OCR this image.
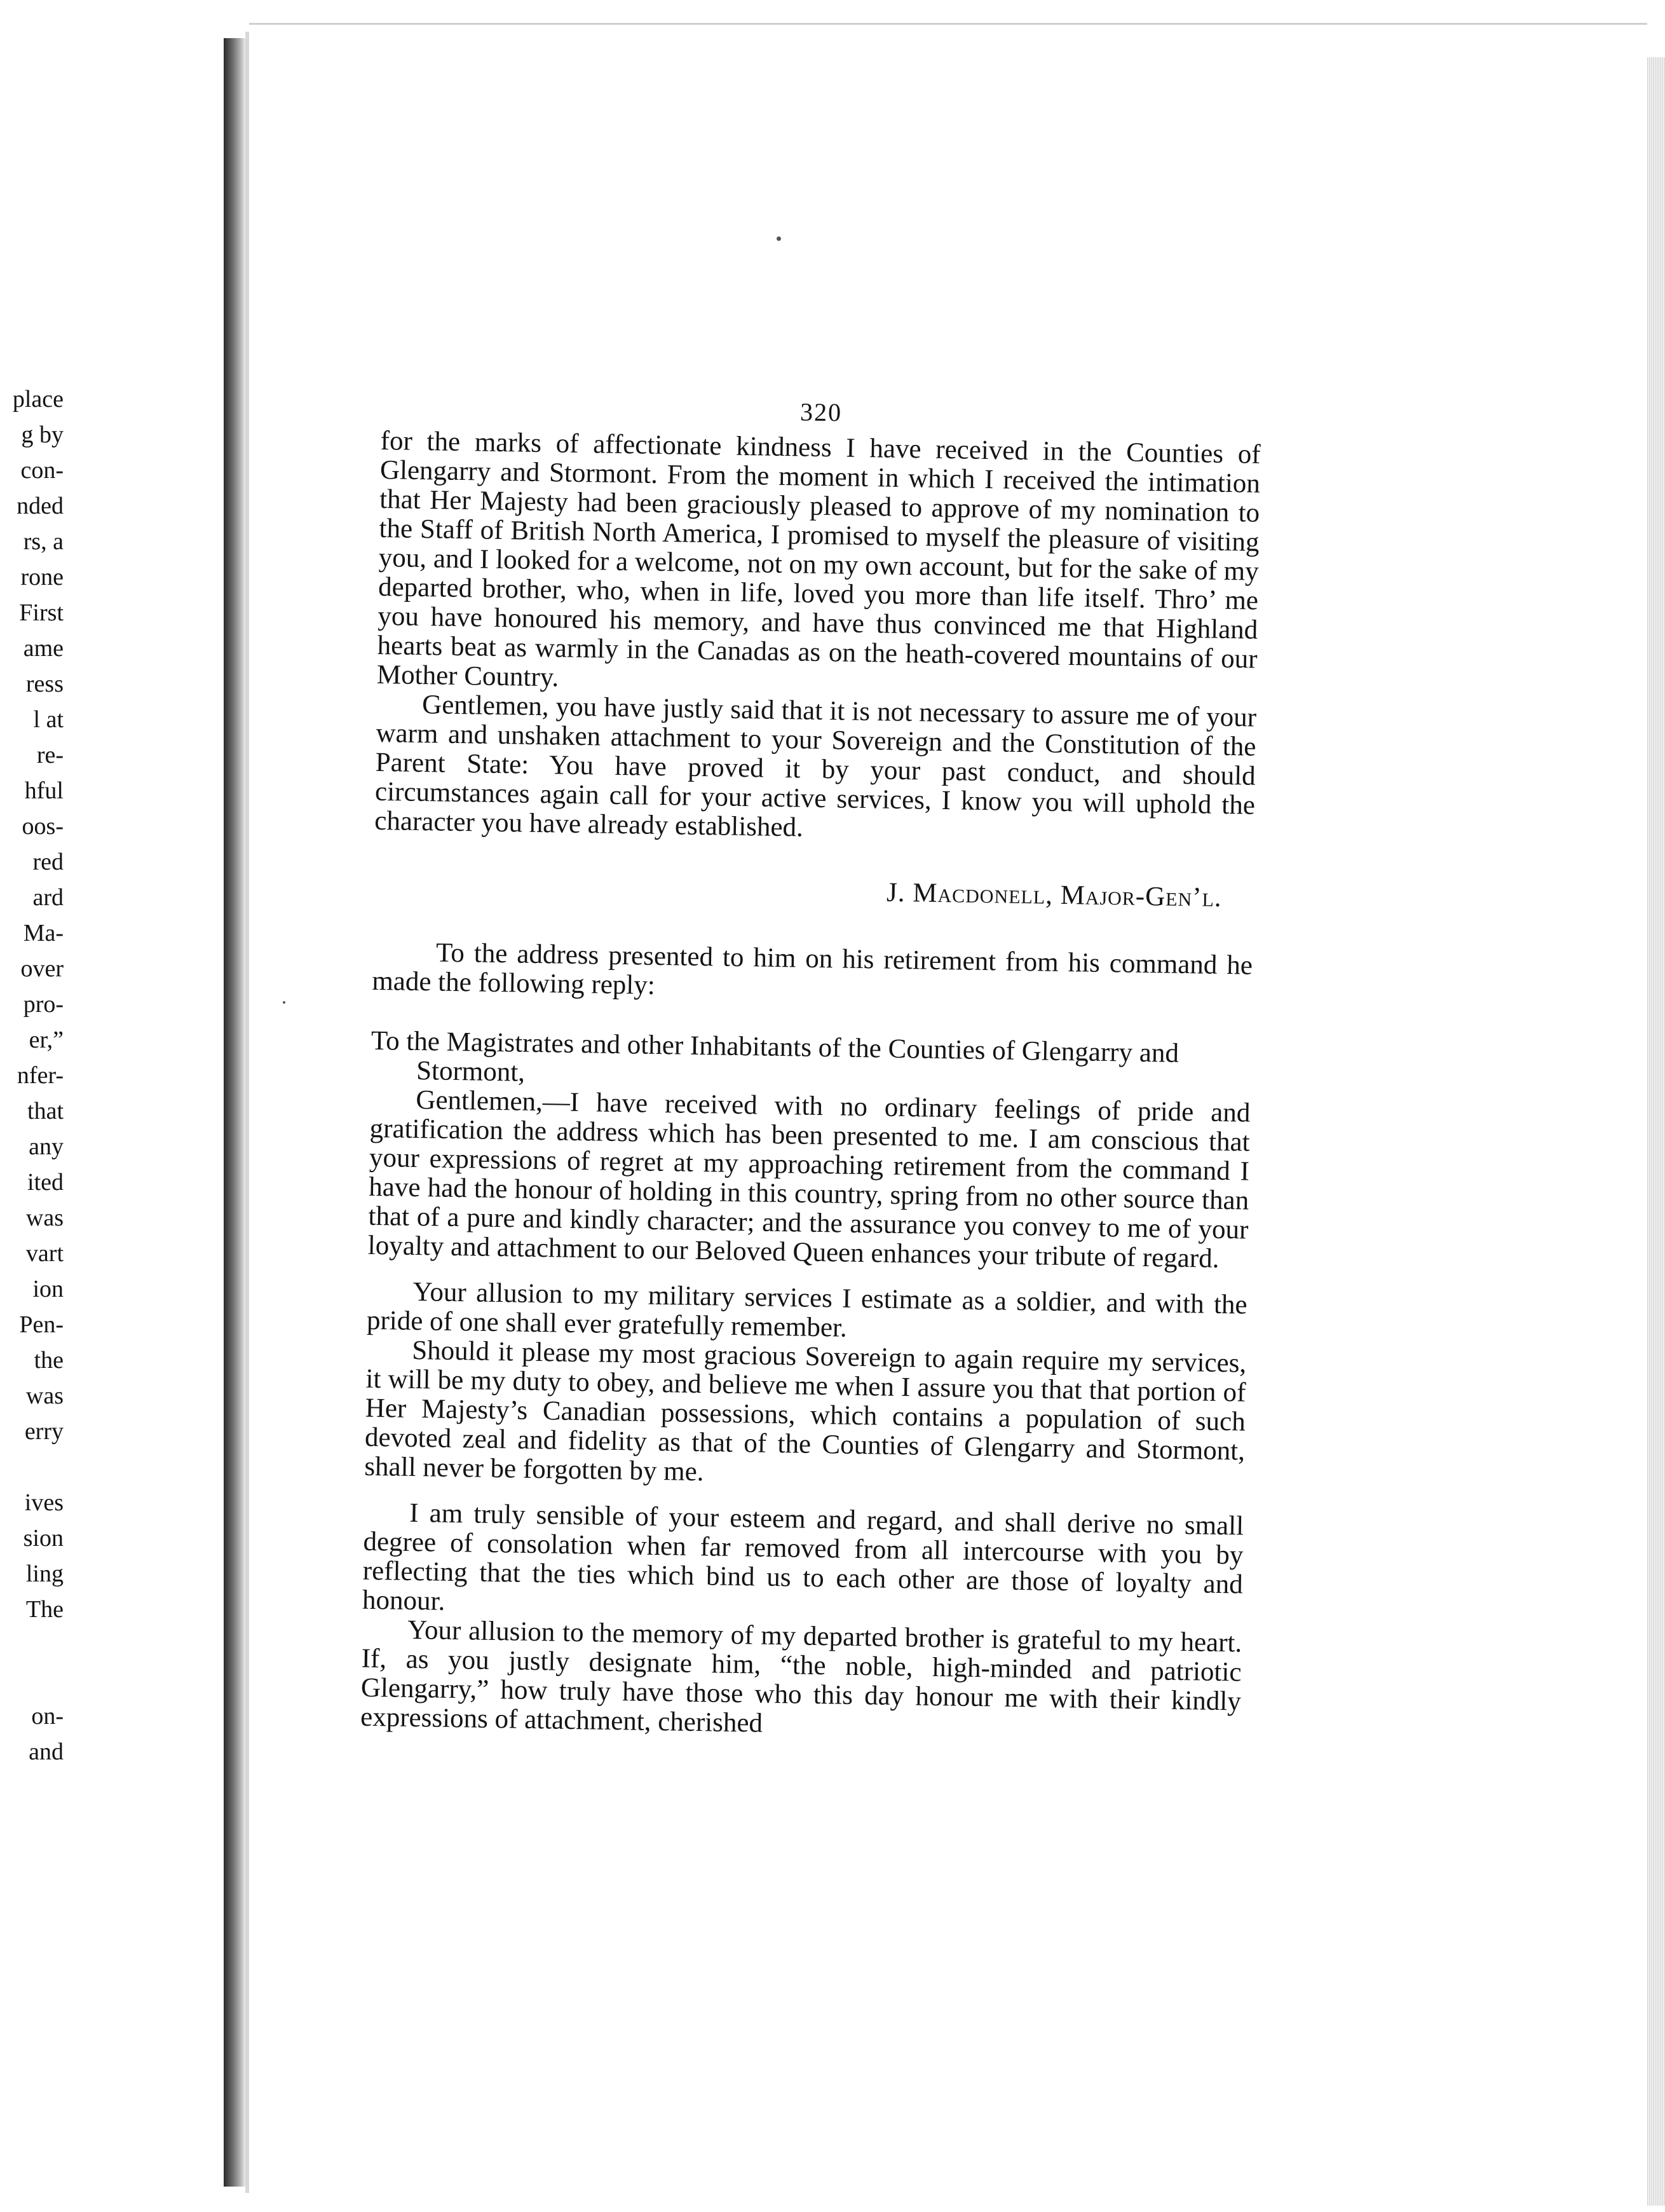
place
g by
con-
nded
rs, a
rone
First
ame
ress
l at
re-
hful
oos-
red
ard
Ma-
over
pro-
er,”
nfer-
that
any
ited
was
vart
ion
Pen-
the
was
erry
ives
sion
ling
The
on-
and
320

for the marks of affectionate kindness I have received in the Counties of Glengarry and Stormont. From the moment in which I received the intimation that Her Majesty had been graciously pleased to approve of my nomination to the Staff of British North America, I promised to myself the pleasure of visiting you, and I looked for a welcome, not on my own account, but for the sake of my departed brother, who, when in life, loved you more than life itself. Thro’ me you have honoured his memory, and have thus convinced me that Highland hearts beat as warmly in the Canadas as on the heath-covered mountains of our Mother Country.

Gentlemen, you have justly said that it is not necessary to assure me of your warm and unshaken attachment to your Sovereign and the Constitution of the Parent State: You have proved it by your past conduct, and should circumstances again call for your active services, I know you will uphold the character you have already established.

J. Macdonell, Major-Gen’l.

To the address presented to him on his retirement from his command he made the following reply:

To the Magistrates and other Inhabitants of the Counties of Glengarry and Stormont,

Gentlemen,—I have received with no ordinary feelings of pride and gratification the address which has been presented to me. I am conscious that your expressions of regret at my approaching retirement from the command I have had the honour of holding in this country, spring from no other source than that of a pure and kindly character; and the assurance you convey to me of your loyalty and attachment to our Beloved Queen enhances your tribute of regard.

Your allusion to my military services I estimate as a soldier, and with the pride of one shall ever gratefully remember.

Should it please my most gracious Sovereign to again require my services, it will be my duty to obey, and believe me when I assure you that that portion of Her Majesty’s Canadian possessions, which contains a population of such devoted zeal and fidelity as that of the Counties of Glengarry and Stormont, shall never be forgotten by me.

I am truly sensible of your esteem and regard, and shall derive no small degree of consolation when far removed from all intercourse with you by reflecting that the ties which bind us to each other are those of loyalty and honour.

Your allusion to the memory of my departed brother is grateful to my heart. If, as you justly designate him, “the noble, high-minded and patriotic Glengarry,” how truly have those who this day honour me with their kindly expressions of attachment, cherished
